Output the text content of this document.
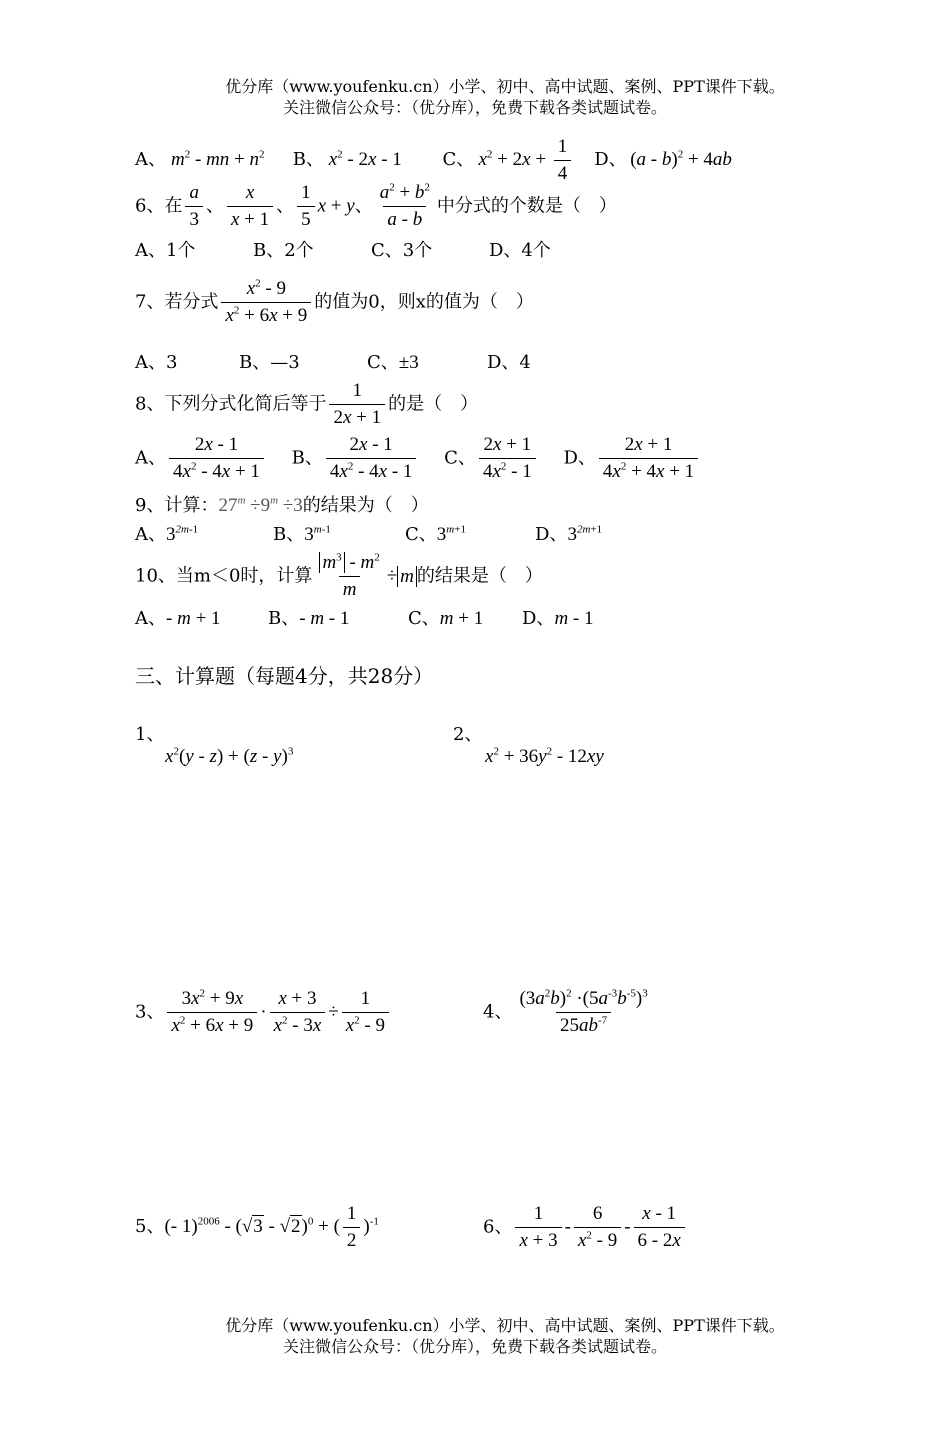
优分库（www.youfenku.cn）小学、初中、高中试题、案例、PPT课件下载。
关注微信公众号：（优分库），免费下载各类试题试卷。
A、 $m^2$ - mn + $n^2$ B、 $x^2 - 2x - 1$ C、 $x^2 + 2x + \frac{1}{4}$ D、 (a - b)$^2$ + 4ab
6、在 $\frac{a}{3}$ 、 $\frac{x}{x + 1}$ 、 $\frac{1}{5}$ x + y、 $\frac{a^2 + b^2}{a - b}$ 中分式的个数是（　）
A、1个	B、2个	C、3个	D、4个
7、若分式 $\frac{x^2 - 9}{x^2 + 6x + 9}$ 的值为0，则x的值为（　）
A、3	B、—3	C、±3	D、4
8、下列分式化简后等于 $\frac{1}{2x + 1}$ 的是（　）
A、 $\frac{2x - 1}{4x^2 - 4x + 1}$ B、 $\frac{2x - 1}{4x^2 - 4x - 1}$ C、 $\frac{2x + 1}{4x^2 - 1}$ D、 $\frac{2x + 1}{4x^2 + 4x + 1}$
9、计算：$27^m \div 9^m \div 3$的结果为（　）
A、$3^{2m-1}$	B、3$^{m-1}$	C、$3^{m+1}$	D、$3^{2m+1}$
10、当m＜0时，计算 $\frac{m^3 - m^2}{m} \div m$ 的结果是（　）
A、- m + 1	B、- m - 1	C、m + 1 D、m - 1
三、计算题（每题4分，共28分）
1、
$x^2(y - z) + (z - y)^3$
2、
$x^2 + 36y^2 - 12xy$
3、 $\frac{3x^2 + 9x}{x^2 + 6x + 9} \cdot \frac{x + 3}{x^2 - 3x} \div \frac{1}{x^2 - 9}$	4、 $\frac{(3a^2b)^2 \cdot(5a^{-3}b^{-5})^3}{25ab^{-7}}$
5、(- 1)$^{2006}$ - (√3 - √2)$^0$ + ( $\frac{1}{2} )^{-1}$	6、 $\frac{1}{x + 3} - \frac{6}{x^2 - 9} - \frac{x - 1}{6 - 2x}$
优分库（www.youfenku.cn）小学、初中、高中试题、案例、PPT课件下载。
关注微信公众号：（优分库），免费下载各类试题试卷。
